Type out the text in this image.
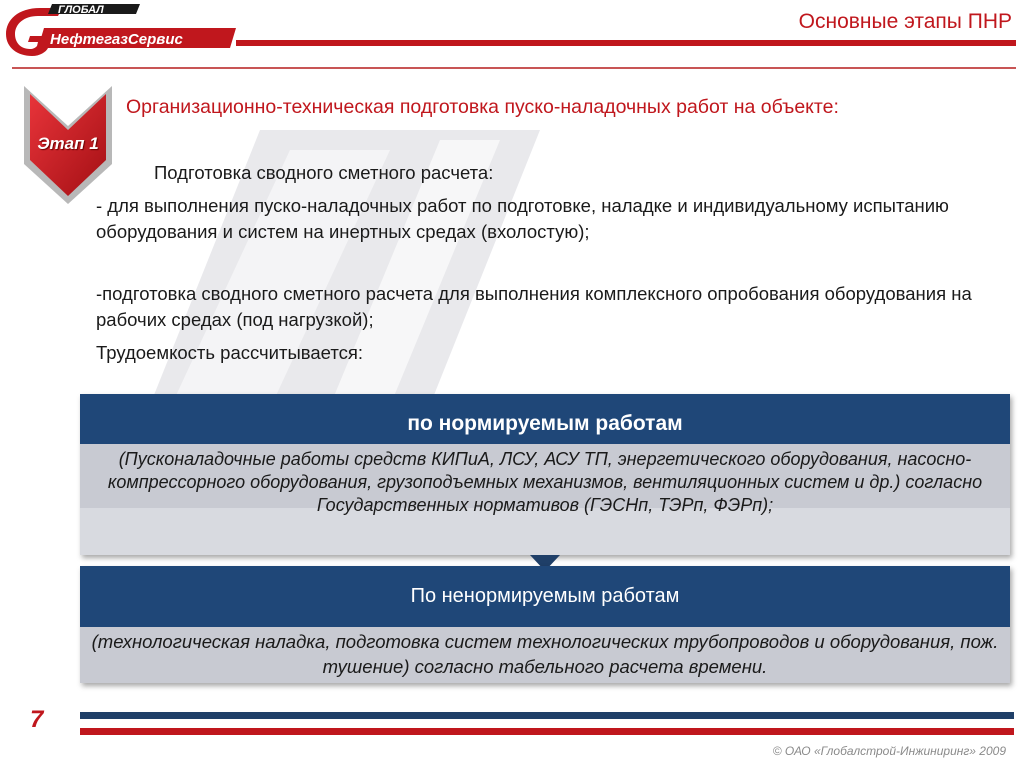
ГЛОБАЛ
НефтегазСервис
Основные этапы ПНР
Этап 1
Организационно-техническая подготовка пуско-наладочных работ на объекте:
Подготовка сводного сметного расчета:
- для выполнения пуско-наладочных работ по подготовке, наладке и индивидуальному испытанию оборудования и систем на инертных средах (вхолостую);
-подготовка сводного сметного расчета для выполнения комплексного опробования оборудования на рабочих средах (под нагрузкой);
Трудоемкость рассчитывается:
по нормируемым работам
(Пусконаладочные работы средств КИПиА, ЛСУ, АСУ ТП, энергетического оборудования, насосно-компрессорного оборудования, грузоподъемных механизмов, вентиляционных систем и др.) согласно Государственных нормативов (ГЭСНп, ТЭРп, ФЭРп);
По ненормируемым работам
(технологическая наладка, подготовка систем технологических трубопроводов и оборудования, пож. тушение) согласно табельного расчета времени.
7
© ОАО «Глобалстрой-Инжиниринг» 2009
